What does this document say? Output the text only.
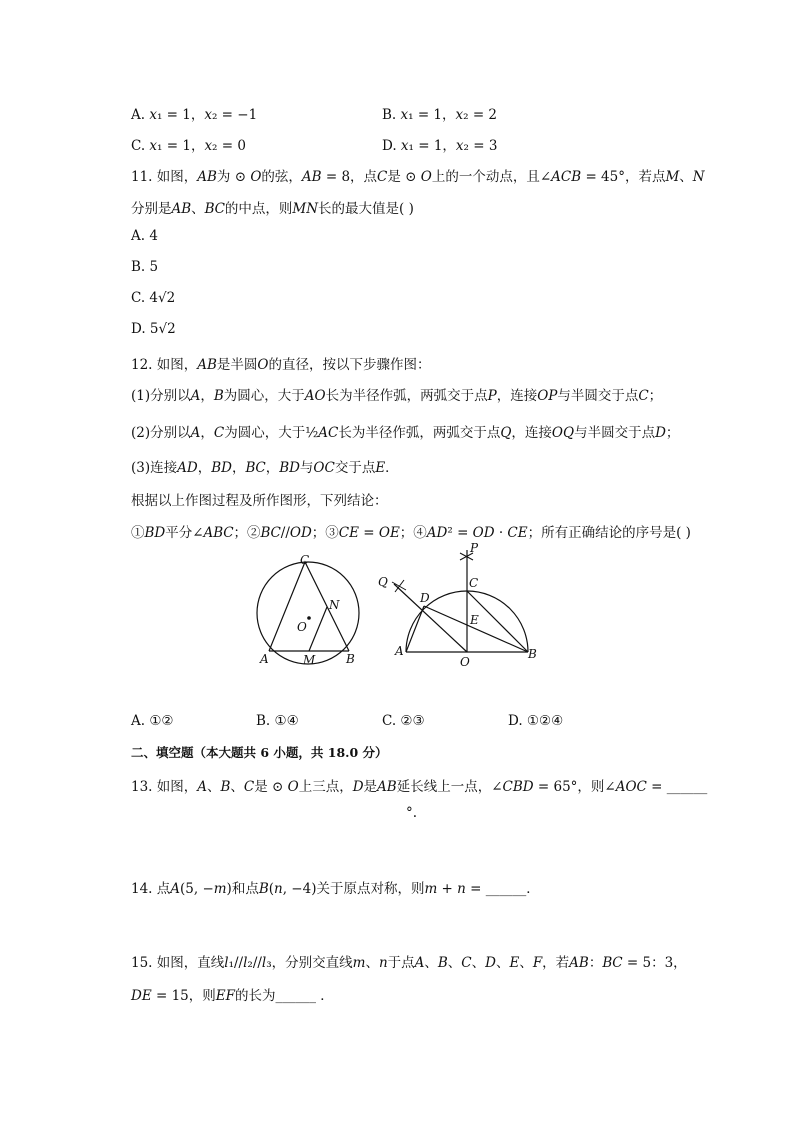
A. 𝑥₁ = 1，𝑥₂ = −1	B. 𝑥₁ = 1，𝑥₂ = 2
C. 𝑥₁ = 1，𝑥₂ = 0	D. 𝑥₁ = 1，𝑥₂ = 3
11. 如图，𝐴𝐵为 ⊙ 𝑂的弦，𝐴𝐵 = 8，点𝐶是 ⊙ 𝑂上的一个动点，且∠𝐴𝐶𝐵 = 45°，若点𝑀、𝑁
分别是𝐴𝐵、𝐵𝐶的中点，则𝑀𝑁长的最大值是( )
A. 4
B. 5
C. 4√2
D. 5√2
12. 如图，𝐴𝐵是半圆𝑂的直径，按以下步骤作图：
(1)分别以𝐴，𝐵为圆心，大于𝐴𝑂长为半径作弧，两弧交于点𝑃，连接𝑂𝑃与半圆交于点𝐶；
(2)分别以𝐴，𝐶为圆心，大于½𝐴𝐶长为半径作弧，两弧交于点𝑄，连接𝑂𝑄与半圆交于点𝐷；
(3)连接𝐴𝐷，𝐵𝐷，𝐵𝐶，𝐵𝐷与𝑂𝐶交于点𝐸．
根据以上作图过程及所作图形，下列结论：
①𝐵𝐷平分∠𝐴𝐵𝐶；②𝐵𝐶//𝑂𝐷；③𝐶𝐸 = 𝑂𝐸；④𝐴𝐷² = 𝑂𝐷 · 𝐶𝐸；所有正确结论的序号是( )
C
A	B
M
N
O
P
Q	C
D
E
A
O
B
A. ①②	B. ①④	C. ②③	D. ①②④
二、填空题（本大题共 6 小题，共 18.0 分）
13. 如图，𝐴、𝐵、𝐶是 ⊙ 𝑂上三点，𝐷是𝐴𝐵延长线上一点，∠𝐶𝐵𝐷 = 65°，则∠𝐴𝑂𝐶 = ______
°.
14. 点𝐴(5, −𝑚)和点𝐵(𝑛, −4)关于原点对称，则𝑚 + 𝑛 = ______．
15. 如图，直线𝑙₁//𝑙₂//𝑙₃，分别交直线𝑚、𝑛于点𝐴、𝐵、𝐶、𝐷、𝐸、𝐹，若𝐴𝐵：𝐵𝐶 = 5：3，
𝐷𝐸 = 15，则𝐸𝐹的长为______ ．
